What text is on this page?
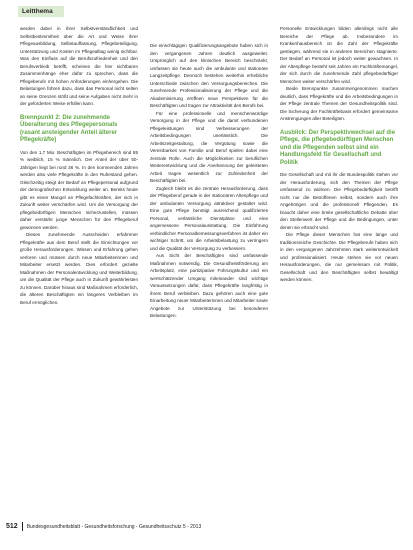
Leitthema

werden dabei in ihrer Selbstverständlichkeit und Selbstbestimmtheit über die Art und Weise ihrer Pflegeausbildung, Selbstauffassung, Pflegebeteiligung, Unterstützung und Kosten im Pflegealltag wenig sichtbar. Was den Einfluss auf die Berufszufriedenheit und den Berufsverbleib betrifft, scheinen die hier sichtbaren Zusammenhänge eher dafür zu sprechen, dass die Pflegeberufe mit hohen Anforderungen einhergehen. Die Belastungen führen dazu, dass das Personal nicht selten an seine Grenzen stößt und seine Aufgaben nicht mehr in der geforderten Weise erfüllen kann.

Brennpunkt 2: Die zunehmende Überalterung des Pflegepersonals (rasant ansteigender Anteil älterer Pflegekräfte)

Von den 1,7 Mio. Beschäftigten im Pflegebereich sind 85 % weiblich, 15 % männlich. Der Anteil der über 50-Jährigen liegt bei rund 36 %. In den kommenden Jahren werden also viele Pflegekräfte in den Ruhestand gehen. Gleichzeitig steigt der Bedarf an Pflegepersonal aufgrund der demografischen Entwicklung weiter an. Bereits heute gibt es einen Mangel an Pflegefachkräften, der sich in Zukunft weiter verschärfen wird. Um die Versorgung der pflegebedürftigen Menschen sicherzustellen, müssen daher verstärkt junge Menschen für den Pflegeberuf gewonnen werden.

Dieses zunehmende Ausscheiden erfahrener Pflegekräfte aus dem Beruf stellt die Einrichtungen vor große Herausforderungen. Wissen und Erfahrung gehen verloren und müssen durch neue Mitarbeiterinnen und Mitarbeiter ersetzt werden. Dies erfordert gezielte Maßnahmen der Personalentwicklung und Weiterbildung, um die Qualität der Pflege auch in Zukunft gewährleisten zu können. Darüber hinaus sind Maßnahmen erforderlich, die älteren Beschäftigten ein längeres Verbleiben im Beruf ermöglichen.

Die einschlägigen Qualifizierungsangebote haben sich in den vergangenen Jahren deutlich ausgeweitet. Ursprünglich auf den klinischen Bereich beschränkt, umfassen sie heute auch die ambulante und stationäre Langzeitpflege. Dennoch bestehen weiterhin erhebliche Unterschiede zwischen den Versorgungsbereichen. Die zunehmende Professionalisierung der Pflege und die Akademisierung eröffnen neue Perspektiven für die Beschäftigten und tragen zur Attraktivität des Berufs bei.

Für eine professionelle und menschenwürdige Versorgung in der Pflege und die damit verbundenen Pflegeleistungen sind Verbesserungen der Arbeitsbedingungen unerlässlich. Die Arbeitszeitgestaltung, die Vergütung sowie die Vereinbarkeit von Familie und Beruf spielen dabei eine zentrale Rolle. Auch die Möglichkeiten zur beruflichen Weiterentwicklung und die Anerkennung der geleisteten Arbeit tragen wesentlich zur Zufriedenheit der Beschäftigten bei.

Zugleich bleibt es die zentrale Herausforderung, dass der Pflegeberuf gerade in der stationären Altenpflege und der ambulanten Versorgung attraktiver gestaltet wird. Eine gute Pflege benötigt ausreichend qualifiziertes Personal, verlässliche Dienstpläne und eine angemessene Personalausstattung. Die Einführung verbindlicher Personalbemessungsverfahren ist daher ein wichtiger Schritt, um die Arbeitsbelastung zu verringern und die Qualität der Versorgung zu verbessern.

Aus Sicht der Beschäftigten sind umfassende Maßnahmen notwendig. Die Gesundheitsförderung am Arbeitsplatz, eine partizipative Führungskultur und ein wertschätzender Umgang miteinander sind wichtige Voraussetzungen dafür, dass Pflegekräfte langfristig in ihrem Beruf verbleiben. Dazu gehören auch eine gute Einarbeitung neuer Mitarbeiterinnen und Mitarbeiter sowie Angebote zur Unterstützung bei besonderen Belastungen.

Personelle Entwicklungen bilden allerdings nicht alle Bereiche der Pflege ab. Insbesondere im Krankenhausbereich ist die Zahl der Pflegekräfte gestiegen, während sie in anderen Bereichen stagnierte. Der Bedarf an Personal ist jedoch weiter gewachsen. In der Altenpflege besteht seit Jahren ein Fachkräftemangel, der sich durch die zunehmende Zahl pflegebedürftiger Menschen weiter verschärfen wird.

Beide Brennpunkte zusammengenommen machen deutlich, dass Pflegekräfte und die Arbeitsbedingungen in der Pflege zentrale Themen der Gesundheitspolitik sind. Die Sicherung der Fachkräftebasis erfordert gemeinsame Anstrengungen aller Beteiligten.

Ausblick: Der Perspektivwechsel auf die Pflege, die pflegebedürftigen Menschen und die Pflegenden selbst sind ein Handlungsfeld für Gesellschaft und Politik

Die Gesellschaft und mit ihr die Bundespolitik stehen vor der Herausforderung, sich den Themen der Pflege umfassend zu widmen. Die Pflegebedürftigkeit betrifft nicht nur die Betroffenen selbst, sondern auch ihre Angehörigen und die professionell Pflegenden. Es braucht daher eine breite gesellschaftliche Debatte über den Stellenwert der Pflege und die Bedingungen, unter denen sie erbracht wird.

Die Pflege dieser Menschen hat eine lange und traditionsreiche Geschichte. Die Pflegeberufe haben sich in den vergangenen Jahrzehnten stark weiterentwickelt und professionalisiert. Heute stehen sie vor neuen Herausforderungen, die nur gemeinsam mit Politik, Gesellschaft und den Beschäftigten selbst bewältigt werden können.

512 Bundesgesundheitsblatt - Gesundheitsforschung - Gesundheitsschutz 5 - 2013
